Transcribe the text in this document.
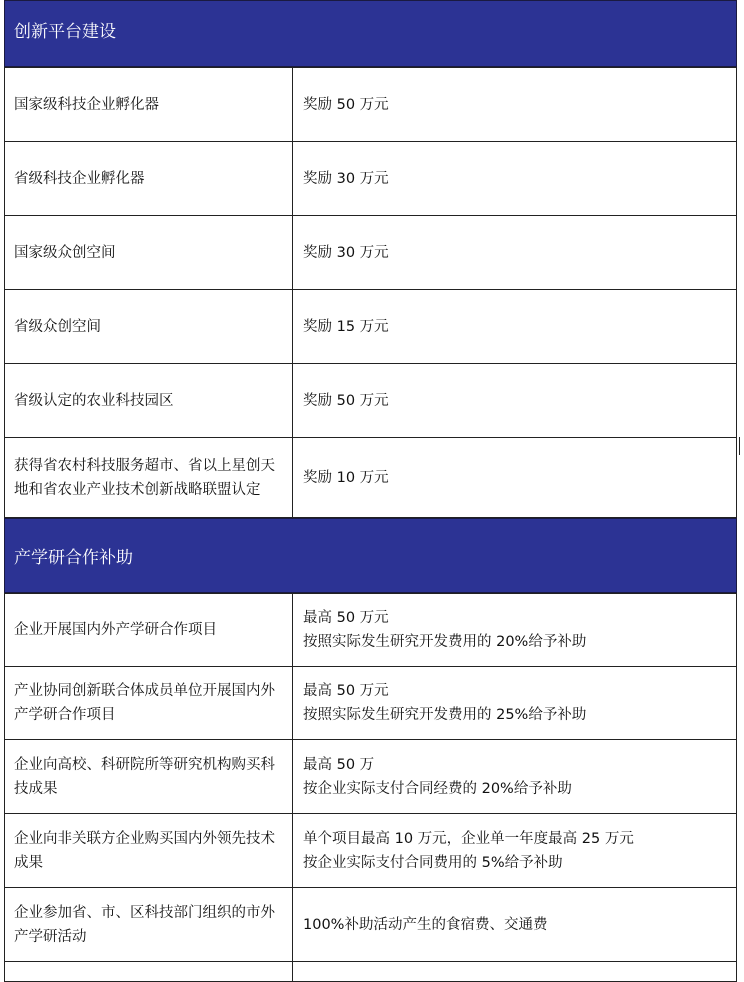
创新平台建设
国家级科技企业孵化器	奖励 50 万元
省级科技企业孵化器	奖励 30 万元
国家级众创空间	奖励 30 万元
省级众创空间	奖励 15 万元
省级认定的农业科技园区	奖励 50 万元
获得省农村科技服务超市、省以上星创天地和省农业产业技术创新战略联盟认定	奖励 10 万元
产学研合作补助
企业开展国内外产学研合作项目	最高 50 万元
按照实际发生研究开发费用的 20%给予补助

产业协同创新联合体成员单位开展国内外产学研合作项目	最高 50 万元
按照实际发生研究开发费用的 25%给予补助

企业向高校、科研院所等研究机构购买科技成果	最高 50 万
按企业实际支付合同经费的 20%给予补助

企业向非关联方企业购买国内外领先技术成果	单个项目最高 10 万元，企业单一年度最高 25 万元
按企业实际支付合同费用的 5%给予补助

企业参加省、市、区科技部门组织的市外产学研活动	100%补助活动产生的食宿费、交通费
